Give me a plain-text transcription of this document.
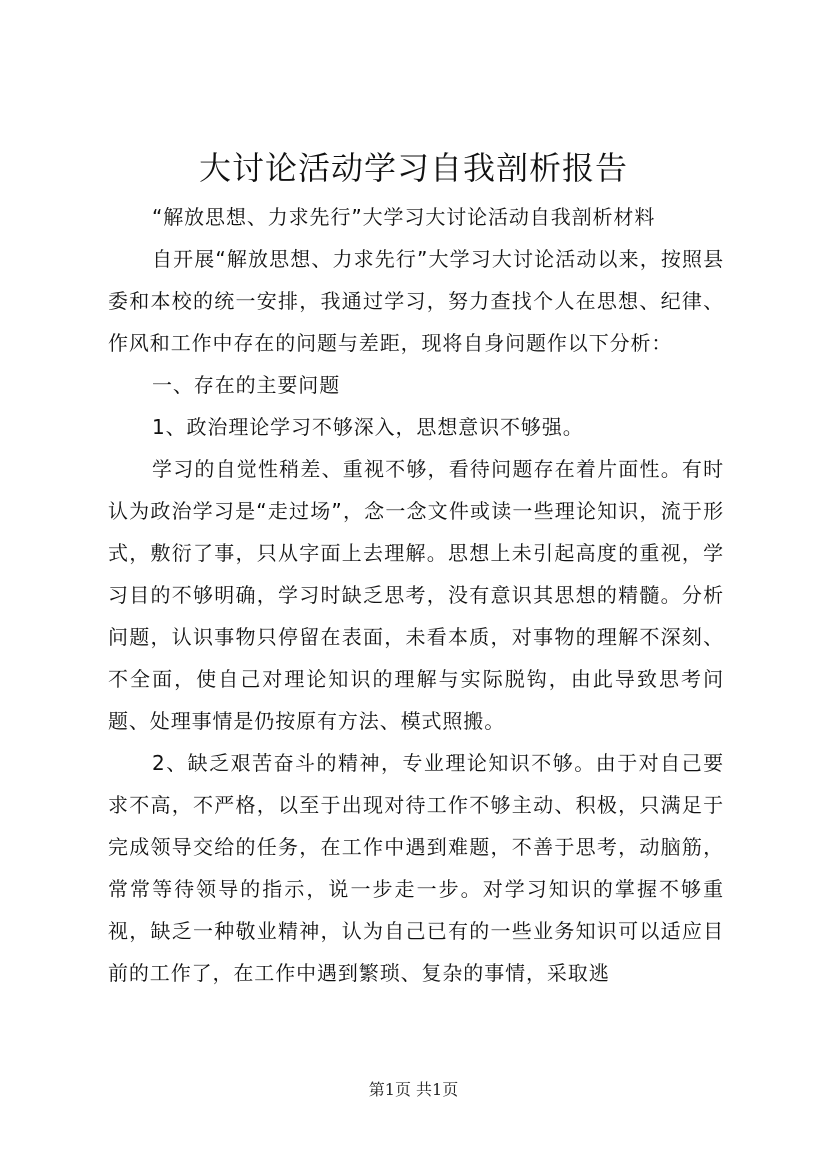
大讨论活动学习自我剖析报告

“解放思想、力求先行”大学习大讨论活动自我剖析材料

自开展“解放思想、力求先行”大学习大讨论活动以来，按照县委和本校的统一安排，我通过学习，努力查找个人在思想、纪律、作风和工作中存在的问题与差距，现将自身问题作以下分析：

一、存在的主要问题

1、政治理论学习不够深入，思想意识不够强。

学习的自觉性稍差、重视不够，看待问题存在着片面性。有时认为政治学习是“走过场”，念一念文件或读一些理论知识，流于形式，敷衍了事，只从字面上去理解。思想上未引起高度的重视，学习目的不够明确，学习时缺乏思考，没有意识其思想的精髓。分析问题，认识事物只停留在表面，未看本质，对事物的理解不深刻、不全面，使自己对理论知识的理解与实际脱钩，由此导致思考问题、处理事情是仍按原有方法、模式照搬。

2、缺乏艰苦奋斗的精神，专业理论知识不够。由于对自己要求不高，不严格，以至于出现对待工作不够主动、积极，只满足于完成领导交给的任务，在工作中遇到难题，不善于思考，动脑筋，常常等待领导的指示，说一步走一步。对学习知识的掌握不够重视，缺乏一种敬业精神，认为自己已有的一些业务知识可以适应目前的工作了，在工作中遇到繁琐、复杂的事情，采取逃

第1页 共1页
